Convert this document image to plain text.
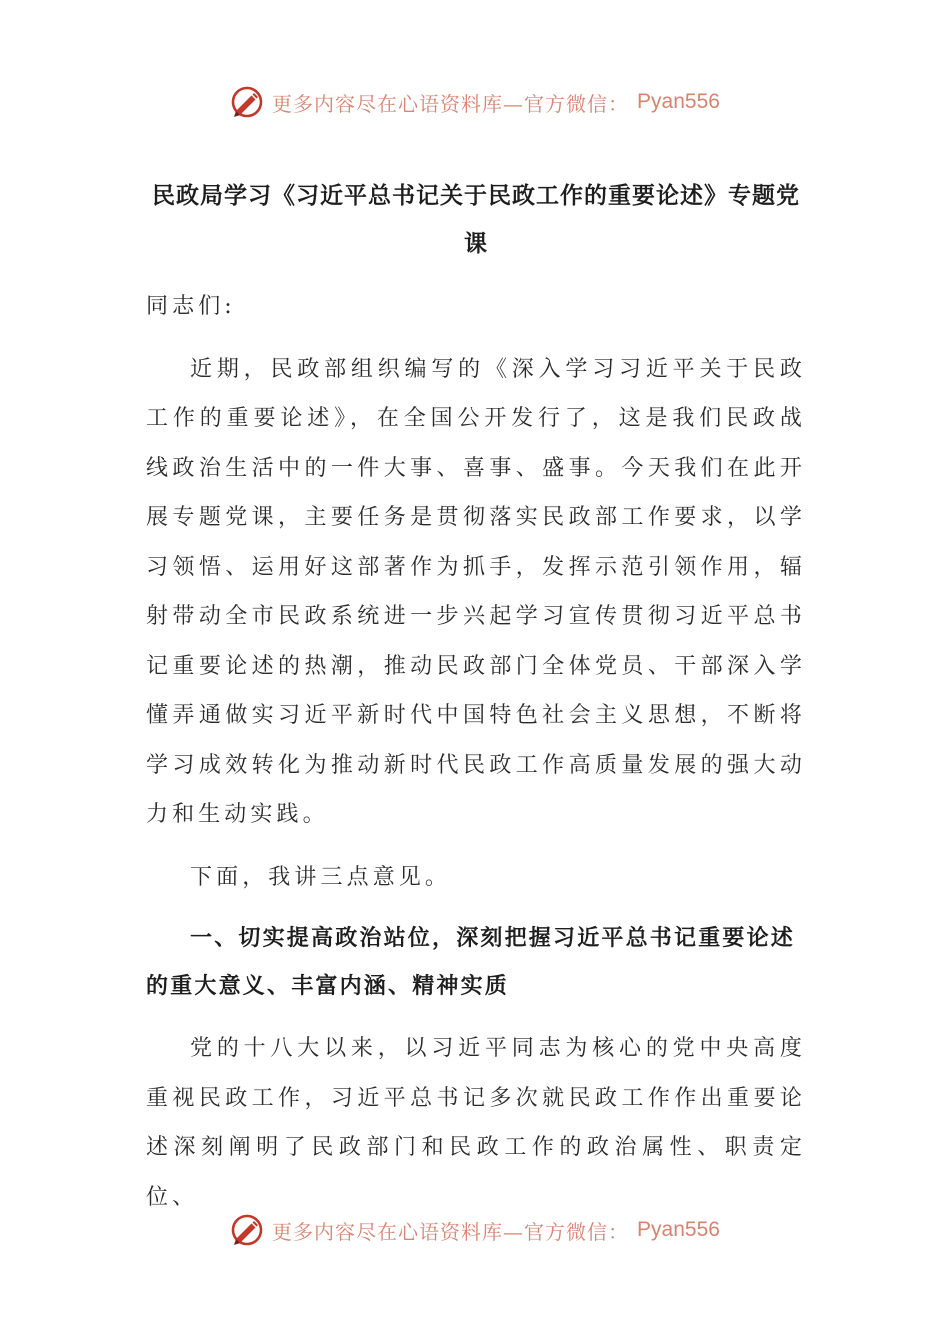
更多内容尽在心语资料库—官方微信： Pyan556
民政局学习《习近平总书记关于民政工作的重要论述》专题党课

同志们:

近期，民政部组织编写的《深入学习习近平关于民政工作的重要论述》，在全国公开发行了，这是我们民政战线政治生活中的一件大事、喜事、盛事。今天我们在此开展专题党课，主要任务是贯彻落实民政部工作要求，以学习领悟、运用好这部著作为抓手，发挥示范引领作用，辐射带动全市民政系统进一步兴起学习宣传贯彻习近平总书记重要论述的热潮，推动民政部门全体党员、干部深入学懂弄通做实习近平新时代中国特色社会主义思想，不断将学习成效转化为推动新时代民政工作高质量发展的强大动力和生动实践。

下面，我讲三点意见。

一、切实提高政治站位，深刻把握习近平总书记重要论述的重大意义、丰富内涵、精神实质

党的十八大以来，以习近平同志为核心的党中央高度重视民政工作，习近平总书记多次就民政工作作出重要论述深刻阐明了民政部门和民政工作的政治属性、职责定位、

更多内容尽在心语资料库—官方微信： Pyan556
